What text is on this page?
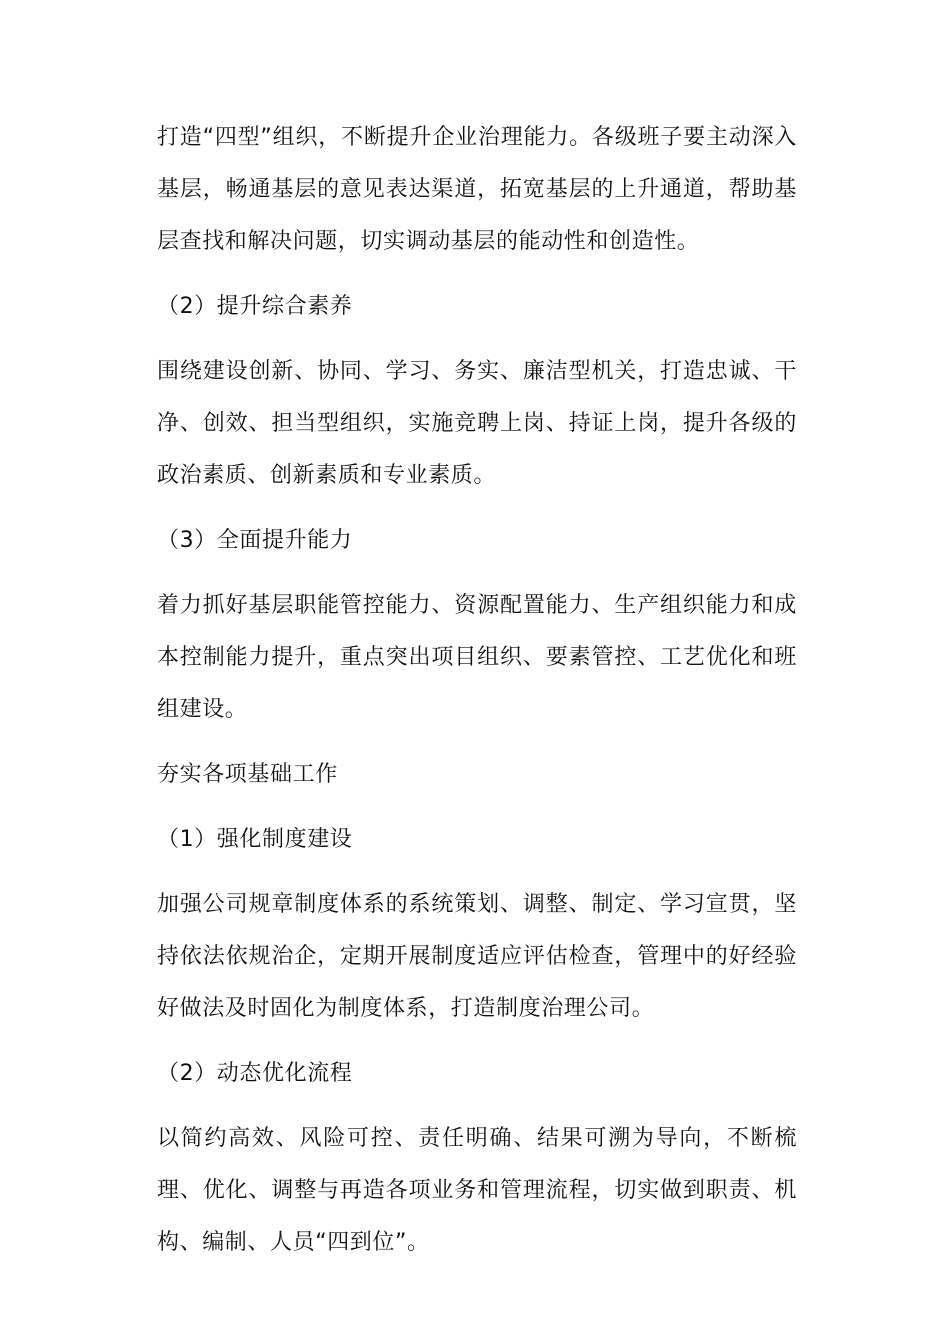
打造“四型”组织，不断提升企业治理能力。各级班子要主动深入基层，畅通基层的意见表达渠道，拓宽基层的上升通道，帮助基层查找和解决问题，切实调动基层的能动性和创造性。

（2）提升综合素养

围绕建设创新、协同、学习、务实、廉洁型机关，打造忠诚、干净、创效、担当型组织，实施竞聘上岗、持证上岗，提升各级的政治素质、创新素质和专业素质。

（3）全面提升能力

着力抓好基层职能管控能力、资源配置能力、生产组织能力和成本控制能力提升，重点突出项目组织、要素管控、工艺优化和班组建设。

夯实各项基础工作

（1）强化制度建设

加强公司规章制度体系的系统策划、调整、制定、学习宣贯，坚持依法依规治企，定期开展制度适应评估检查，管理中的好经验好做法及时固化为制度体系，打造制度治理公司。

（2）动态优化流程

以简约高效、风险可控、责任明确、结果可溯为导向，不断梳理、优化、调整与再造各项业务和管理流程，切实做到职责、机构、编制、人员“四到位”。
